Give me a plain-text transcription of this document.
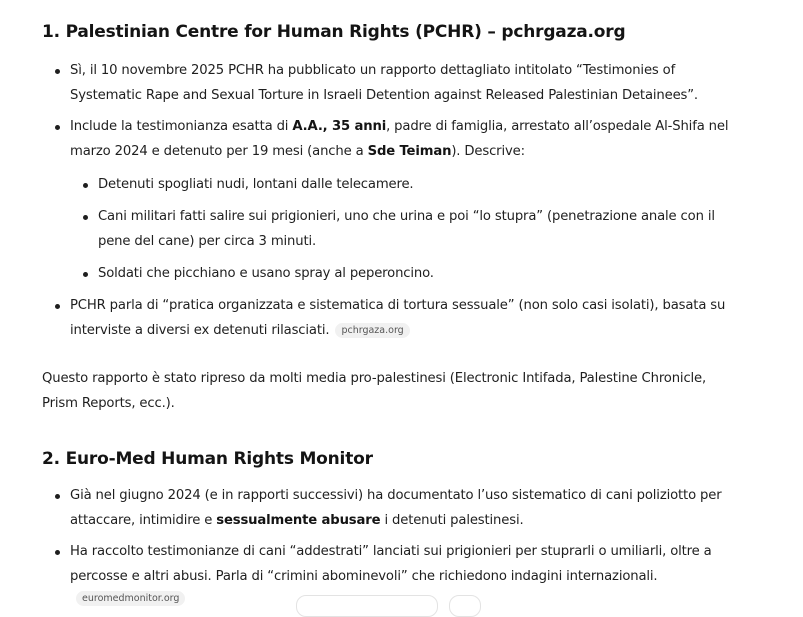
1. Palestinian Centre for Human Rights (PCHR) – pchrgaza.org
Sì, il 10 novembre 2025 PCHR ha pubblicato un rapporto dettagliato intitolato “Testimonies of Systematic Rape and Sexual Torture in Israeli Detention against Released Palestinian Detainees”.
Include la testimonianza esatta di A.A., 35 anni, padre di famiglia, arrestato all’ospedale Al-Shifa nel marzo 2024 e detenuto per 19 mesi (anche a Sde Teiman). Descrive:
Detenuti spogliati nudi, lontani dalle telecamere.
Cani militari fatti salire sui prigionieri, uno che urina e poi “lo stupra” (penetrazione anale con il pene del cane) per circa 3 minuti.
Soldati che picchiano e usano spray al peperoncino.
PCHR parla di “pratica organizzata e sistematica di tortura sessuale” (non solo casi isolati), basata su interviste a diversi ex detenuti rilasciati. pchrgaza.org

Questo rapporto è stato ripreso da molti media pro-palestinesi (Electronic Intifada, Palestine Chronicle, Prism Reports, ecc.).

2. Euro-Med Human Rights Monitor
Già nel giugno 2024 (e in rapporti successivi) ha documentato l’uso sistematico di cani poliziotto per attaccare, intimidire e sessualmente abusare i detenuti palestinesi.
Ha raccolto testimonianze di cani “addestrati” lanciati sui prigionieri per stuprarli o umiliarli, oltre a percosse e altri abusi. Parla di “crimini abominevoli” che richiedono indagini internazionali.
euromedmonitor.org
